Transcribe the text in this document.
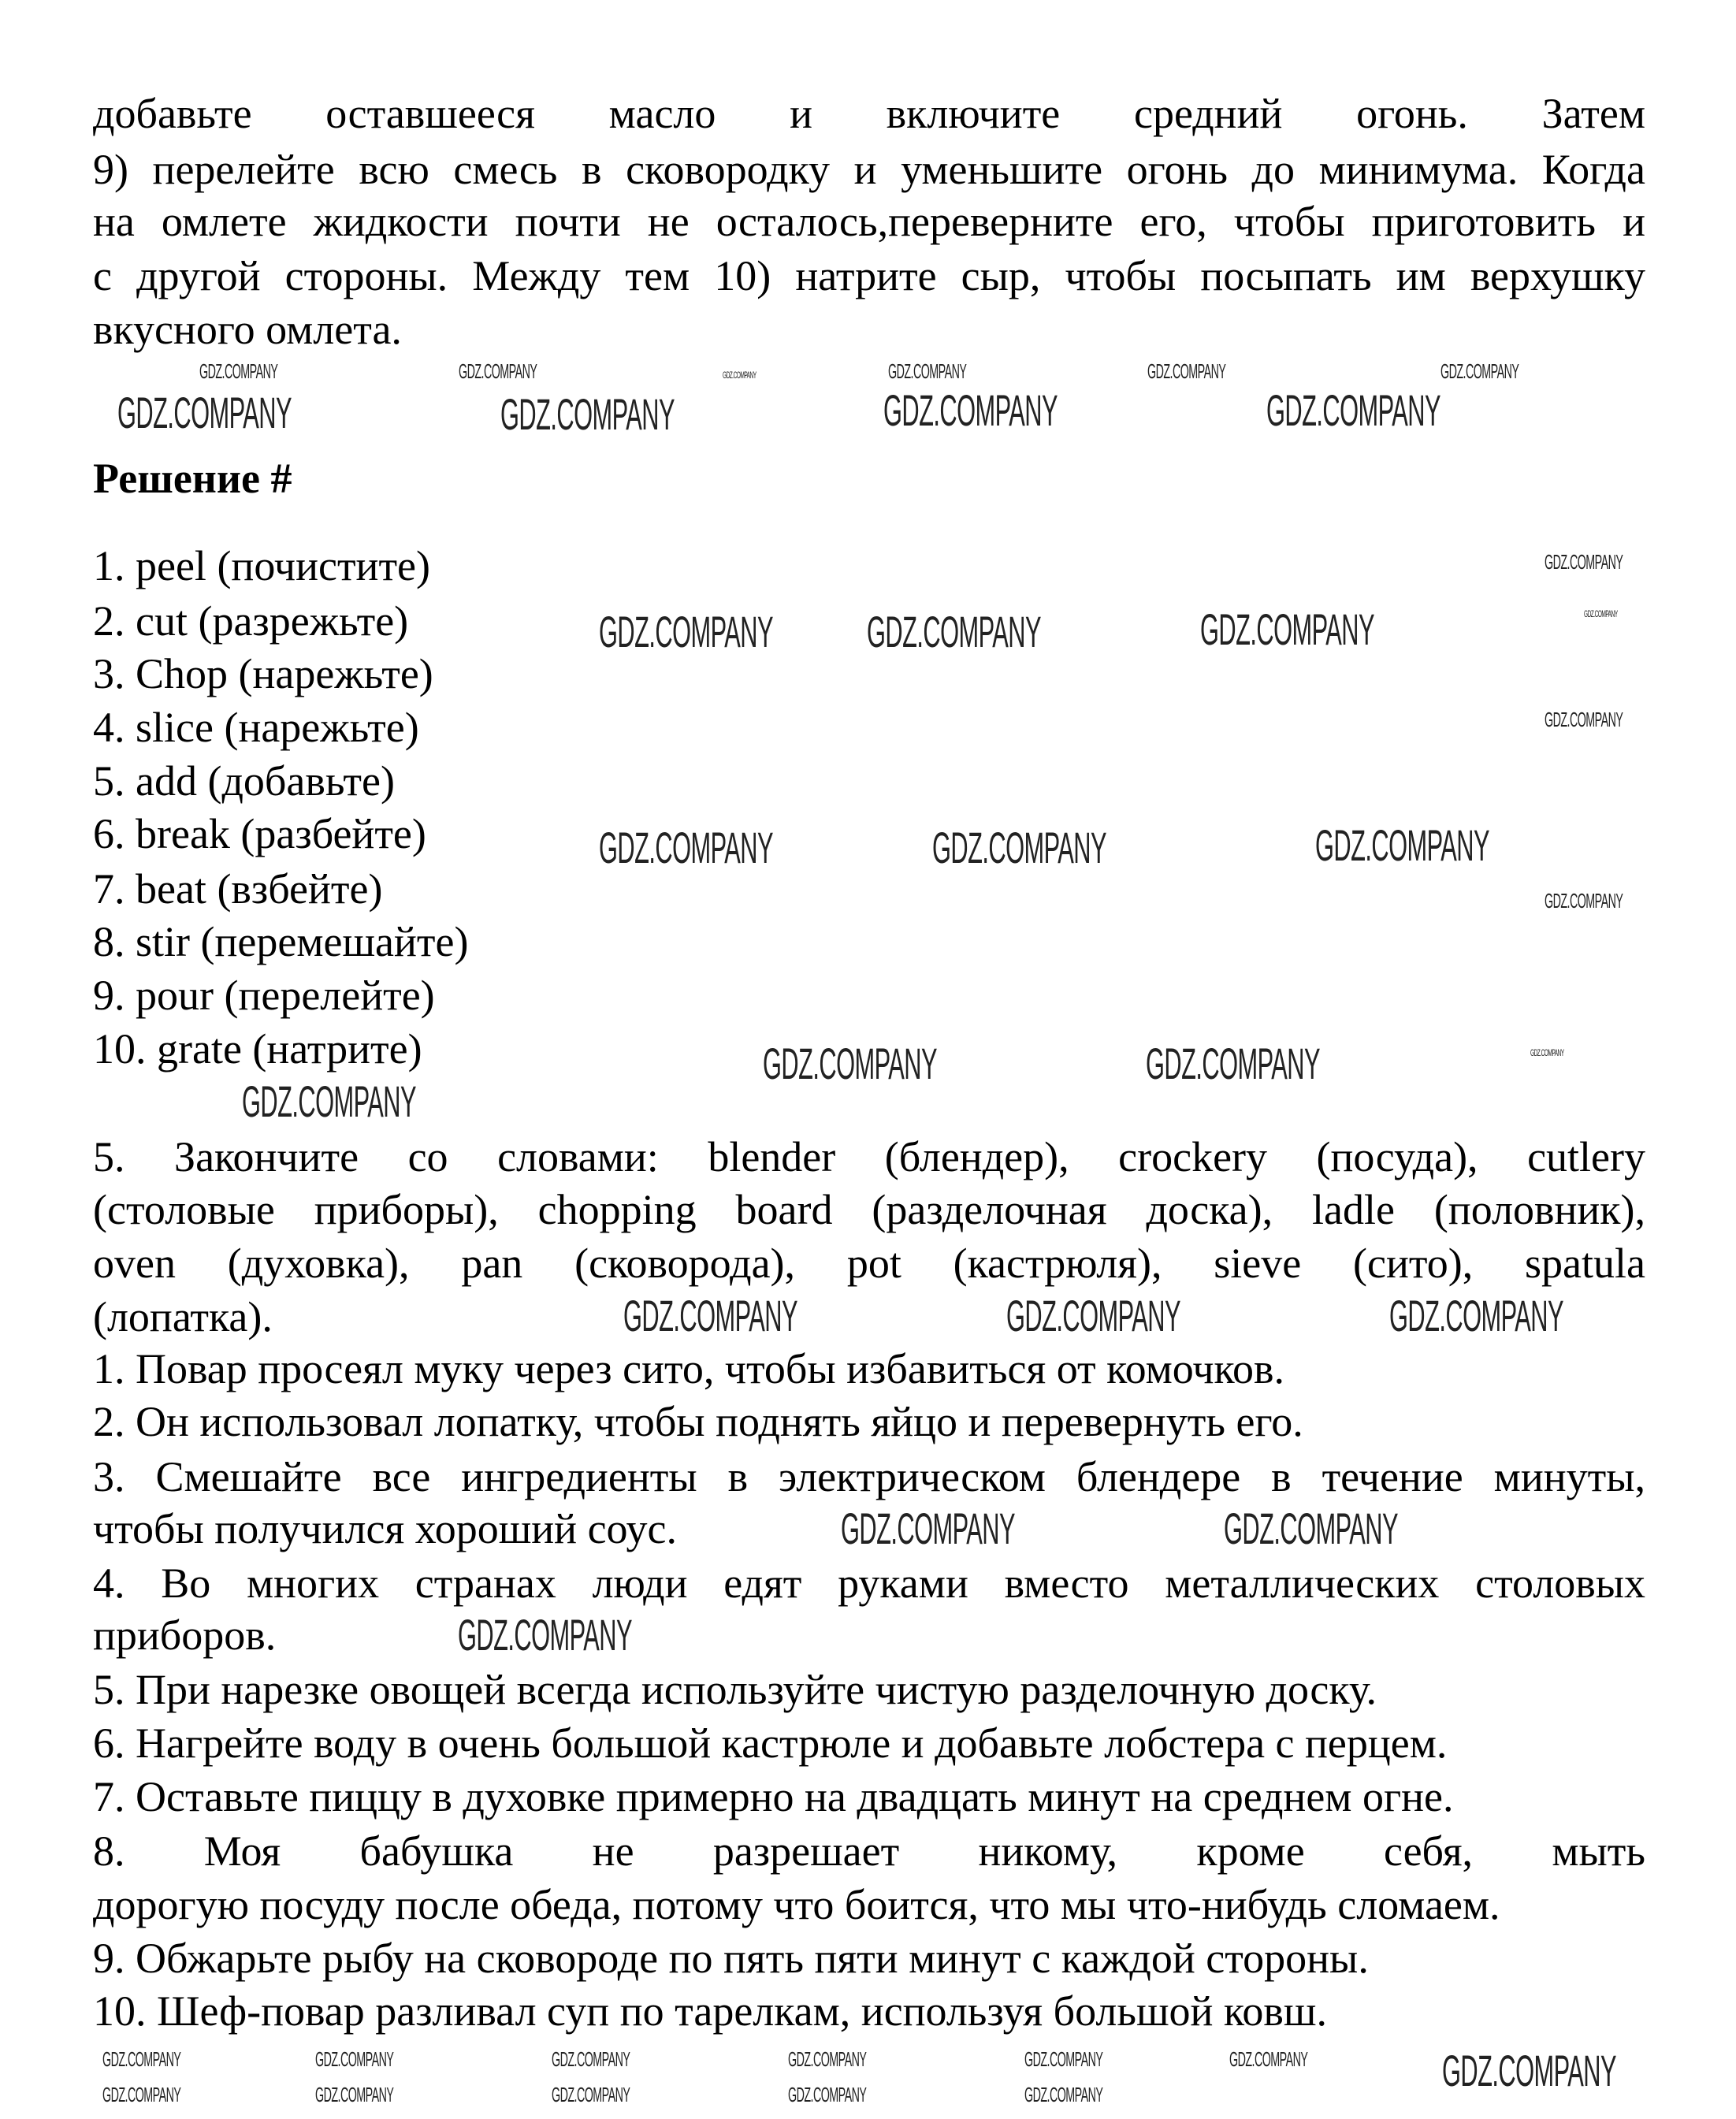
добавьте оставшееся масло и включите средний огонь. Затем
9) перелейте всю смесь в сковородку и уменьшите огонь до минимума. Когда
на омлете жидкости почти не осталось,переверните его, чтобы приготовить и
с другой стороны. Между тем 10) натрите сыр, чтобы посыпать им верхушку
вкусного омлета.
Решение #
1. peel (почистите)
2. cut (разрежьте)
3. Chop (нарежьте)
4. slice (нарежьте)
5. add (добавьте)
6. break (разбейте)
7. beat (взбейте)
8. stir (перемешайте)
9. pour (перелейте)
10. grate (натрите)
5. Закончите со словами: blender (блендер), crockery (посуда), cutlery
(столовые приборы), chopping board (разделочная доска), ladle (половник),
oven (духовка), pan (сковорода), pot (кастрюля), sieve (сито), spatula
(лопатка).
1. Повар просеял муку через сито, чтобы избавиться от комочков.
2. Он использовал лопатку, чтобы поднять яйцо и перевернуть его.
3. Смешайте все ингредиенты в электрическом блендере в течение минуты,
чтобы получился хороший соус.
4. Во многих странах люди едят руками вместо металлических столовых
приборов.
5. При нарезке овощей всегда используйте чистую разделочную доску.
6. Нагрейте воду в очень большой кастрюле и добавьте лобстера с перцем.
7. Оставьте пиццу в духовке примерно на двадцать минут на среднем огне.
8. Моя бабушка не разрешает никому, кроме себя, мыть
дорогую посуду после обеда, потому что боится, что мы что-нибудь сломаем.
9. Обжарьте рыбу на сковороде по пять пяти минут с каждой стороны.
10. Шеф-повар разливал суп по тарелкам, используя большой ковш.
GDZ.COMPANY	GDZ.COMPANY	GDZ.COMPANY	GDZ.COMPANY
GDZ.COMPANY GDZ.COMPANY	GDZ.COMPANY
GDZ.COMPANY	GDZ.COMPANY	GDZ.COMPANY
GDZ.COMPANY	GDZ.COMPANY
GDZ.COMPANY
GDZ.COMPANY	GDZ.COMPANY	GDZ.COMPANY
GDZ.COMPANY	GDZ.COMPANY
GDZ.COMPANY
GDZ.COMPANY
GDZ.COMPANY	GDZ.COMPANY	GDZ.COMPANY	GDZ.COMPANY	GDZ.COMPANY
GDZ.COMPANY
GDZ.COMPANY
GDZ.COMPANY
GDZ.COMPANY	GDZ.COMPANY	GDZ.COMPANY	GDZ.COMPANY	GDZ.COMPANY	GDZ.COMPANY
GDZ.COMPANY	GDZ.COMPANY	GDZ.COMPANY	GDZ.COMPANY	GDZ.COMPANY
GDZ.COMPANY
GDZ.COMPANY
GDZ.COMPANY
